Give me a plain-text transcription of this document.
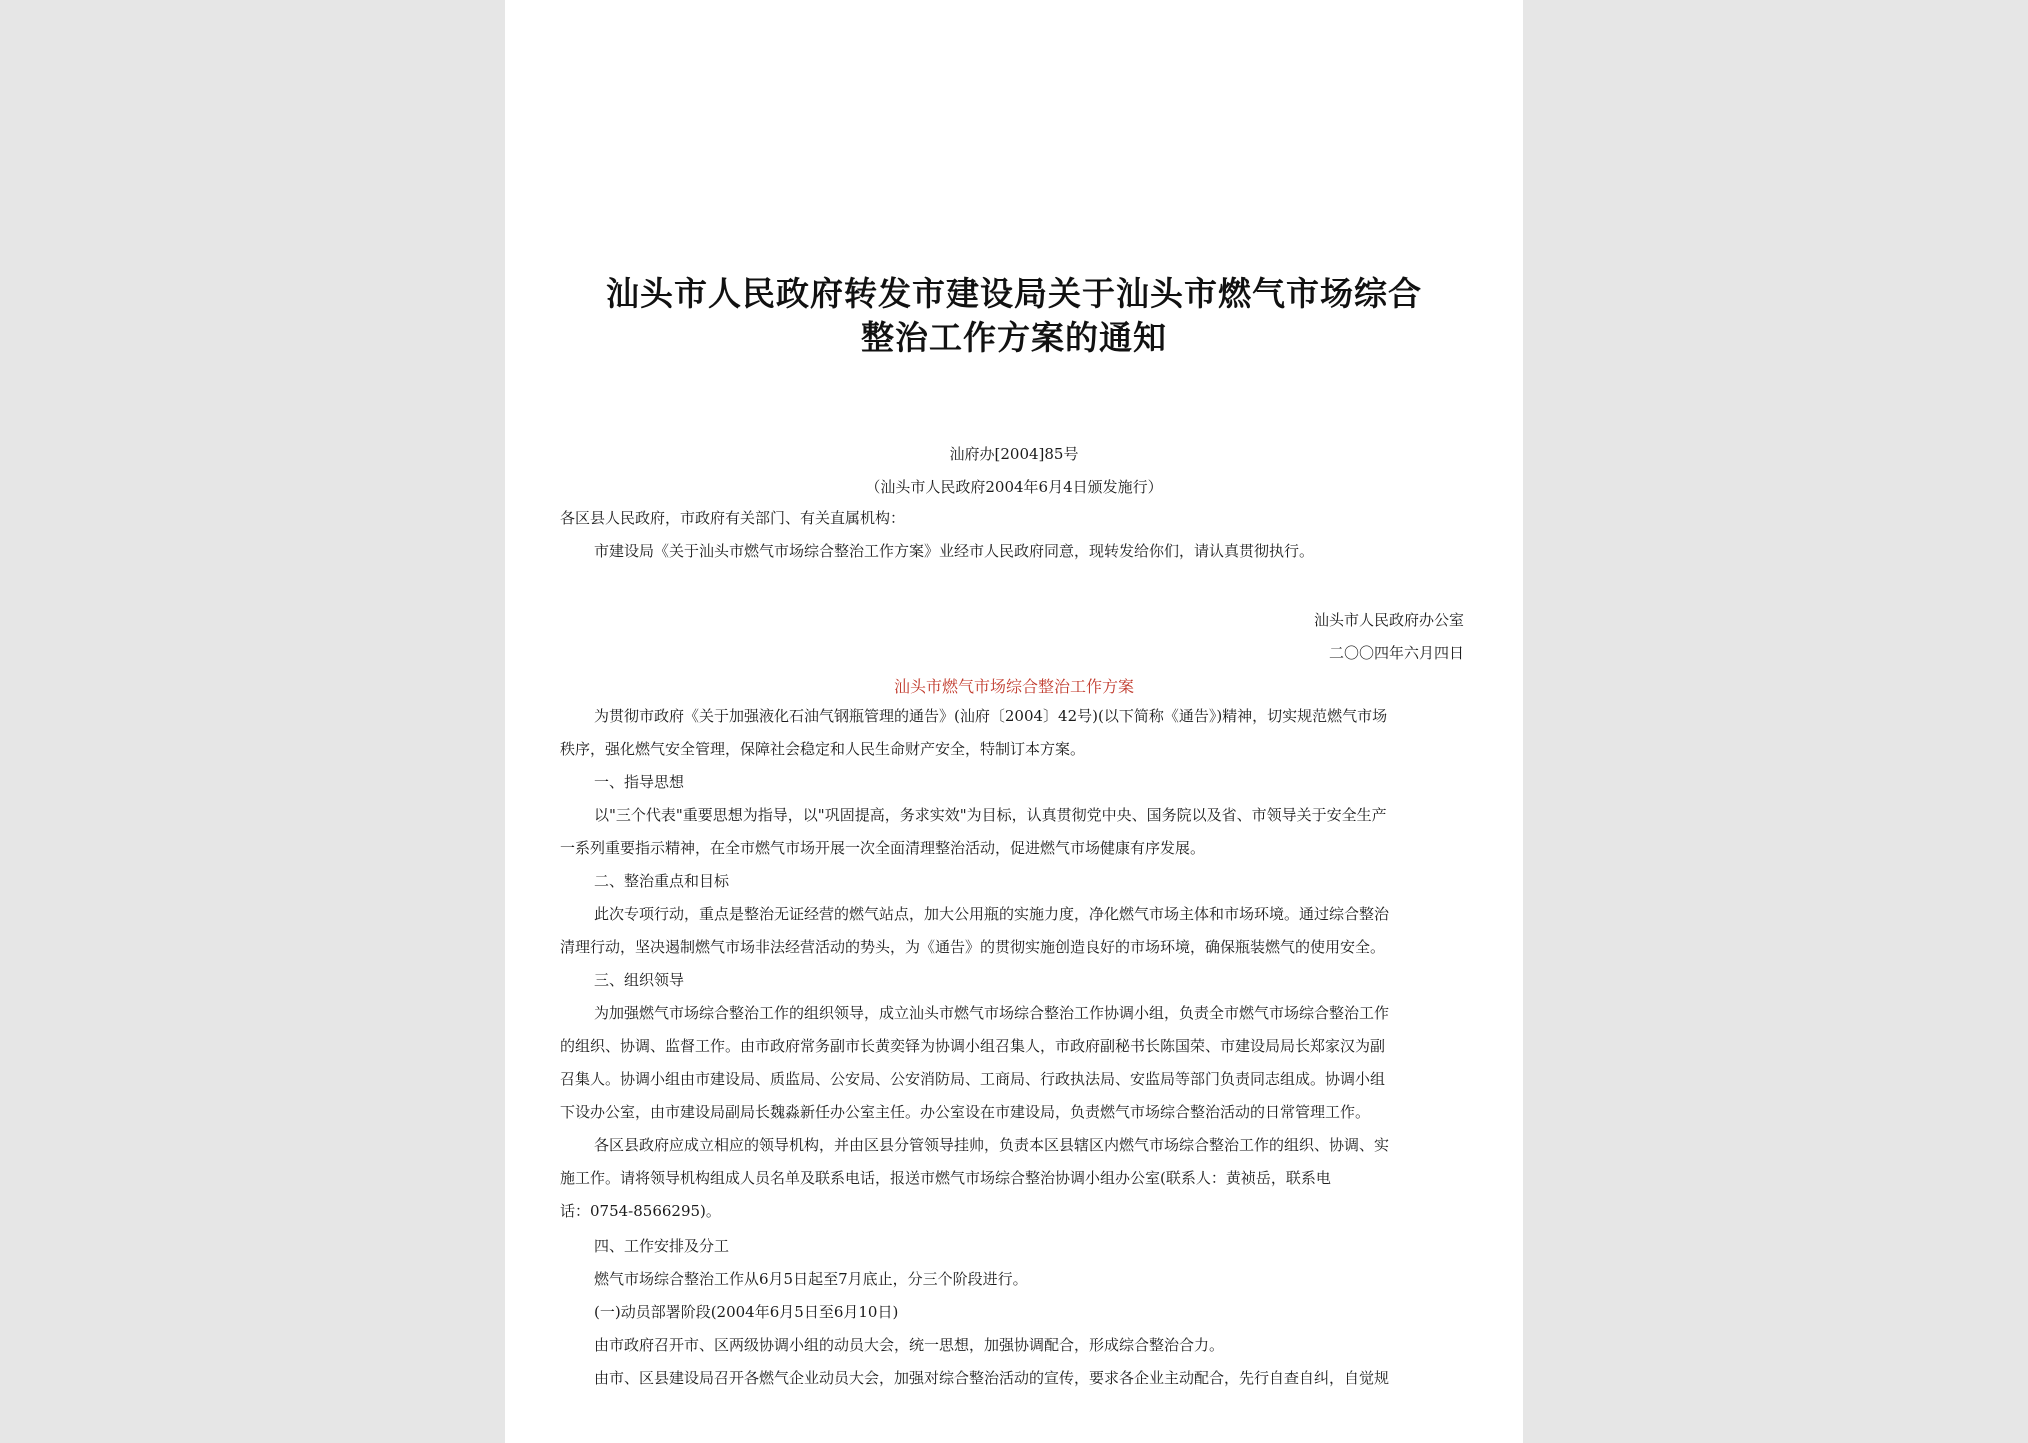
汕头市人民政府转发市建设局关于汕头市燃气市场综合
整治工作方案的通知
汕府办[2004]85号
（汕头市人民政府2004年6月4日颁发施行）
各区县人民政府，市政府有关部门、有关直属机构：
市建设局《关于汕头市燃气市场综合整治工作方案》业经市人民政府同意，现转发给你们，请认真贯彻执行。
汕头市人民政府办公室
二〇〇四年六月四日
汕头市燃气市场综合整治工作方案
为贯彻市政府《关于加强液化石油气钢瓶管理的通告》(汕府〔2004〕42号)(以下简称《通告》)精神，切实规范燃气市场
秩序，强化燃气安全管理，保障社会稳定和人民生命财产安全，特制订本方案。
一、指导思想
以"三个代表"重要思想为指导，以"巩固提高，务求实效"为目标，认真贯彻党中央、国务院以及省、市领导关于安全生产
一系列重要指示精神，在全市燃气市场开展一次全面清理整治活动，促进燃气市场健康有序发展。
二、整治重点和目标
此次专项行动，重点是整治无证经营的燃气站点，加大公用瓶的实施力度，净化燃气市场主体和市场环境。通过综合整治
清理行动，坚决遏制燃气市场非法经营活动的势头，为《通告》的贯彻实施创造良好的市场环境，确保瓶装燃气的使用安全。
三、组织领导
为加强燃气市场综合整治工作的组织领导，成立汕头市燃气市场综合整治工作协调小组，负责全市燃气市场综合整治工作
的组织、协调、监督工作。由市政府常务副市长黄奕铎为协调小组召集人，市政府副秘书长陈国荣、市建设局局长郑家汉为副
召集人。协调小组由市建设局、质监局、公安局、公安消防局、工商局、行政执法局、安监局等部门负责同志组成。协调小组
下设办公室，由市建设局副局长魏淼新任办公室主任。办公室设在市建设局，负责燃气市场综合整治活动的日常管理工作。
各区县政府应成立相应的领导机构，并由区县分管领导挂帅，负责本区县辖区内燃气市场综合整治工作的组织、协调、实
施工作。请将领导机构组成人员名单及联系电话，报送市燃气市场综合整治协调小组办公室(联系人：黄祯岳，联系电
话：0754-8566295)。
四、工作安排及分工
燃气市场综合整治工作从6月5日起至7月底止，分三个阶段进行。
(一)动员部署阶段(2004年6月5日至6月10日)
由市政府召开市、区两级协调小组的动员大会，统一思想，加强协调配合，形成综合整治合力。
由市、区县建设局召开各燃气企业动员大会，加强对综合整治活动的宣传，要求各企业主动配合，先行自查自纠，自觉规
